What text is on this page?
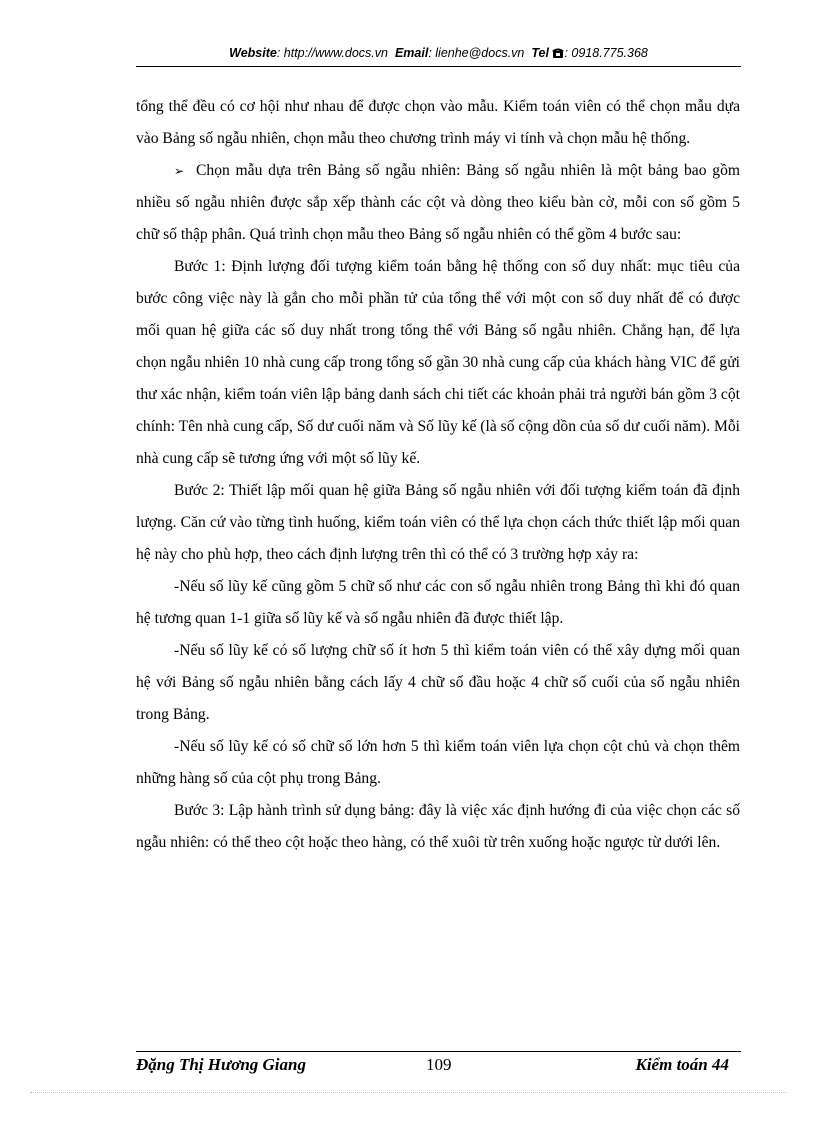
Website: http://www.docs.vn Email: lienhe@docs.vn Tel : 0918.775.368

tổng thể đều có cơ hội như nhau để được chọn vào mẫu. Kiểm toán viên có thể chọn mẫu dựa vào Bảng số ngẫu nhiên, chọn mẫu theo chương trình máy vi tính và chọn mẫu hệ thống.

➢ Chọn mẫu dựa trên Bảng số ngẫu nhiên: Bảng số ngẫu nhiên là một bảng bao gồm nhiều số ngẫu nhiên được sắp xếp thành các cột và dòng theo kiểu bàn cờ, mỗi con số gồm 5 chữ số thập phân. Quá trình chọn mẫu theo Bảng số ngẫu nhiên có thể gồm 4 bước sau:

Bước 1: Định lượng đối tượng kiểm toán bằng hệ thống con số duy nhất: mục tiêu của bước công việc này là gắn cho mỗi phần tử của tổng thể với một con số duy nhất để có được mối quan hệ giữa các số duy nhất trong tổng thể với Bảng số ngẫu nhiên. Chẳng hạn, để lựa chọn ngẫu nhiên 10 nhà cung cấp trong tổng số gần 30 nhà cung cấp của khách hàng VIC để gửi thư xác nhận, kiểm toán viên lập bảng danh sách chi tiết các khoản phải trả người bán gồm 3 cột chính: Tên nhà cung cấp, Số dư cuối năm và Số lũy kế (là số cộng dồn của số dư cuối năm). Mỗi nhà cung cấp sẽ tương ứng với một số lũy kế.

Bước 2: Thiết lập mối quan hệ giữa Bảng số ngẫu nhiên với đối tượng kiểm toán đã định lượng. Căn cứ vào từng tình huống, kiểm toán viên có thể lựa chọn cách thức thiết lập mối quan hệ này cho phù hợp, theo cách định lượng trên thì có thể có 3 trường hợp xảy ra:

-Nếu số lũy kế cũng gồm 5 chữ số như các con số ngẫu nhiên trong Bảng thì khi đó quan hệ tương quan 1-1 giữa số lũy kế và số ngẫu nhiên đã được thiết lập.

-Nếu số lũy kế có số lượng chữ số ít hơn 5 thì kiểm toán viên có thể xây dựng mối quan hệ với Bảng số ngẫu nhiên bằng cách lấy 4 chữ số đầu hoặc 4 chữ số cuối của số ngẫu nhiên trong Bảng.

-Nếu số lũy kế có số chữ số lớn hơn 5 thì kiểm toán viên lựa chọn cột chủ và chọn thêm những hàng số của cột phụ trong Bảng.

Bước 3: Lập hành trình sử dụng bảng: đây là việc xác định hướng đi của việc chọn các số ngẫu nhiên: có thể theo cột hoặc theo hàng, có thể xuôi từ trên xuống hoặc ngược từ dưới lên.

Đặng Thị Hương Giang	109	Kiểm toán 44
